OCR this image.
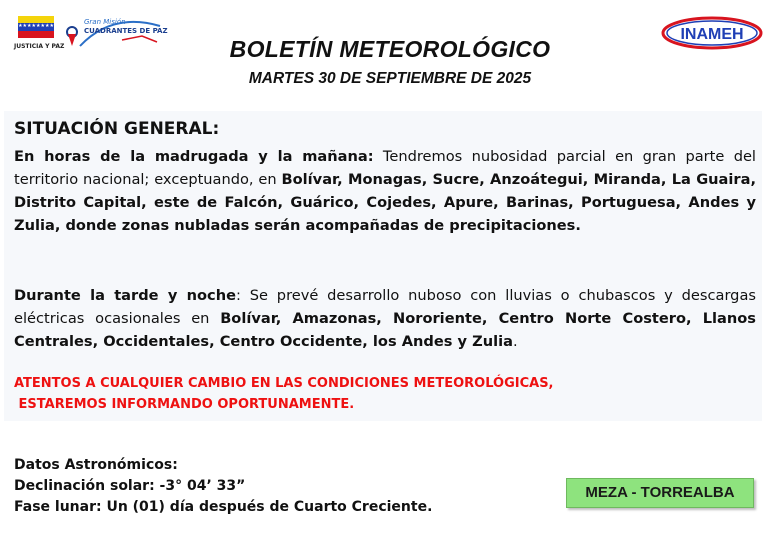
★★★★★★★★
JUSTICIA Y PAZ
Gran Misión
CUADRANTES DE PAZ	INAMEH
BOLETÍN METEOROLÓGICO
MARTES 30 DE SEPTIEMBRE DE 2025
SITUACIÓN GENERAL:
En horas de la madrugada y la mañana: Tendremos nubosidad parcial en gran parte del territorio nacional; exceptuando, en Bolívar, Monagas, Sucre, Anzoátegui, Miranda, La Guaira, Distrito Capital, este de Falcón, Guárico, Cojedes, Apure, Barinas, Portuguesa, Andes y Zulia, donde zonas nubladas serán acompañadas de precipitaciones.
Durante la tarde y noche: Se prevé desarrollo nuboso con lluvias o chubascos y descargas eléctricas ocasionales en Bolívar, Amazonas, Nororiente, Centro Norte Costero, Llanos Centrales, Occidentales, Centro Occidente, los Andes y Zulia.
ATENTOS A CUALQUIER CAMBIO EN LAS CONDICIONES METEOROLÓGICAS,
ESTAREMOS INFORMANDO OPORTUNAMENTE.
Datos Astronómicos:
Declinación solar: -3° 04’ 33”
Fase lunar: Un (01) día después de Cuarto Creciente.
MEZA - TORREALBA
